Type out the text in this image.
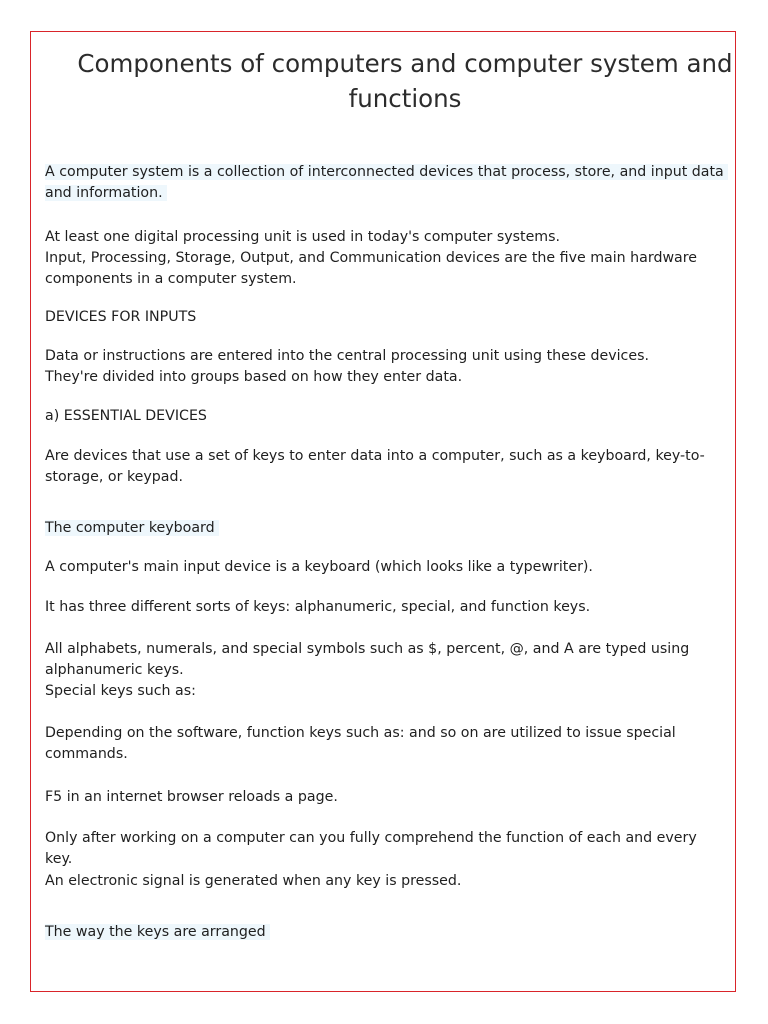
Components of computers and computer system and functions

A computer system is a collection of interconnected devices that process, store, and input data and information.

At least one digital processing unit is used in today's computer systems.
Input, Processing, Storage, Output, and Communication devices are the five main hardware components in a computer system.

DEVICES FOR INPUTS

Data or instructions are entered into the central processing unit using these devices.
They're divided into groups based on how they enter data.

a) ESSENTIAL DEVICES

Are devices that use a set of keys to enter data into a computer, such as a keyboard, key-to-storage, or keypad.

The computer keyboard

A computer's main input device is a keyboard (which looks like a typewriter).

It has three different sorts of keys: alphanumeric, special, and function keys.

All alphabets, numerals, and special symbols such as $, percent, @, and A are typed using alphanumeric keys.
Special keys such as:

Depending on the software, function keys such as: and so on are utilized to issue special commands.

F5 in an internet browser reloads a page.

Only after working on a computer can you fully comprehend the function of each and every key.

An electronic signal is generated when any key is pressed.

The way the keys are arranged
